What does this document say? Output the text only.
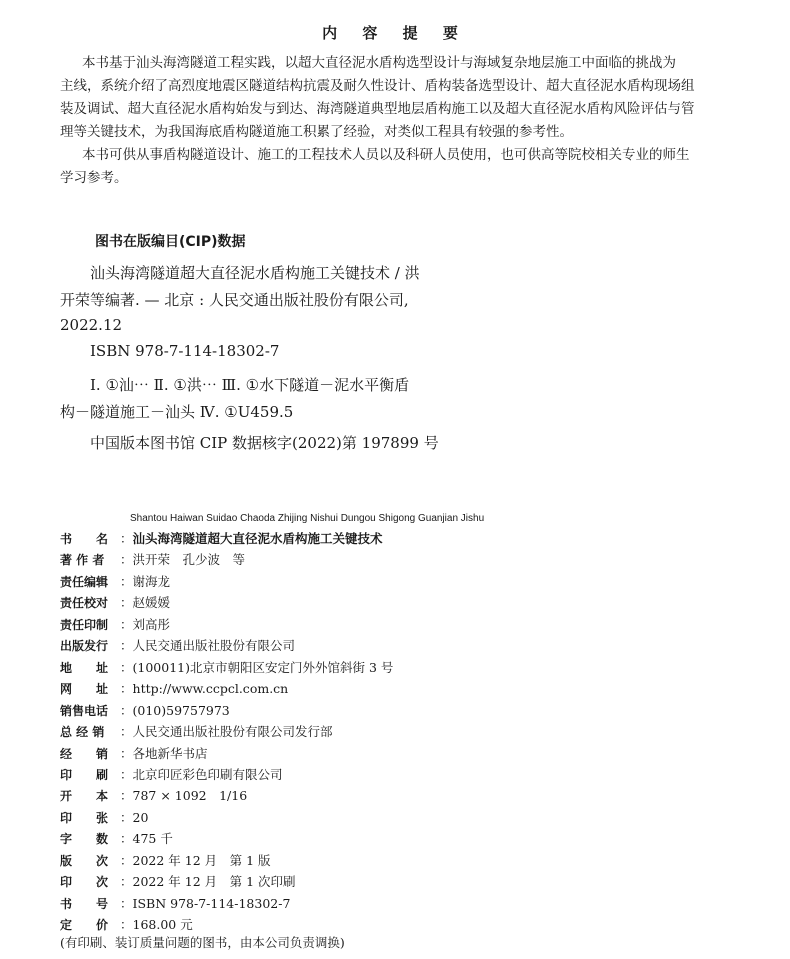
内 容 提 要
本书基于汕头海湾隧道工程实践，以超大直径泥水盾构选型设计与海域复杂地层施工中面临的挑战为
主线，系统介绍了高烈度地震区隧道结构抗震及耐久性设计、盾构装备选型设计、超大直径泥水盾构现场组
装及调试、超大直径泥水盾构始发与到达、海湾隧道典型地层盾构施工以及超大直径泥水盾构风险评估与管
理等关键技术，为我国海底盾构隧道施工积累了经验，对类似工程具有较强的参考性。
本书可供从事盾构隧道设计、施工的工程技术人员以及科研人员使用，也可供高等院校相关专业的师生
学习参考。
图书在版编目(CIP)数据
汕头海湾隧道超大直径泥水盾构施工关键技术 / 洪
开荣等编著. — 北京 : 人民交通出版社股份有限公司,
2022.12
ISBN 978-7-114-18302-7
Ⅰ. ①汕⋯ Ⅱ. ①洪⋯ Ⅲ. ①水下隧道－泥水平衡盾
构－隧道施工－汕头 Ⅳ. ①U459.5
中国版本图书馆 CIP 数据核字(2022)第 197899 号
Shantou Haiwan Suidao Chaoda Zhijing Nishui Dungou Shigong Guanjian Jishu
书　　名 ：汕头海湾隧道超大直径泥水盾构施工关键技术
著 作 者 ：洪开荣　孔少波　等
责任编辑 ：谢海龙
责任校对 ：赵媛媛
责任印制 ：刘高彤
出版发行 ：人民交通出版社股份有限公司
地　　址 ：(100011)北京市朝阳区安定门外外馆斜街 3 号
网　　址 ：http://www.ccpcl.com.cn
销售电话 ：(010)59757973
总 经 销 ：人民交通出版社股份有限公司发行部
经　　销 ：各地新华书店
印　　刷 ：北京印匠彩色印刷有限公司
开　　本 ：787 × 1092　1/16
印　　张 ：20
字　　数 ：475 千
版　　次 ：2022 年 12 月　第 1 版
印　　次 ：2022 年 12 月　第 1 次印刷
书　　号 ：ISBN 978-7-114-18302-7
定　　价 ：168.00 元
(有印刷、装订质量问题的图书，由本公司负责调换)
